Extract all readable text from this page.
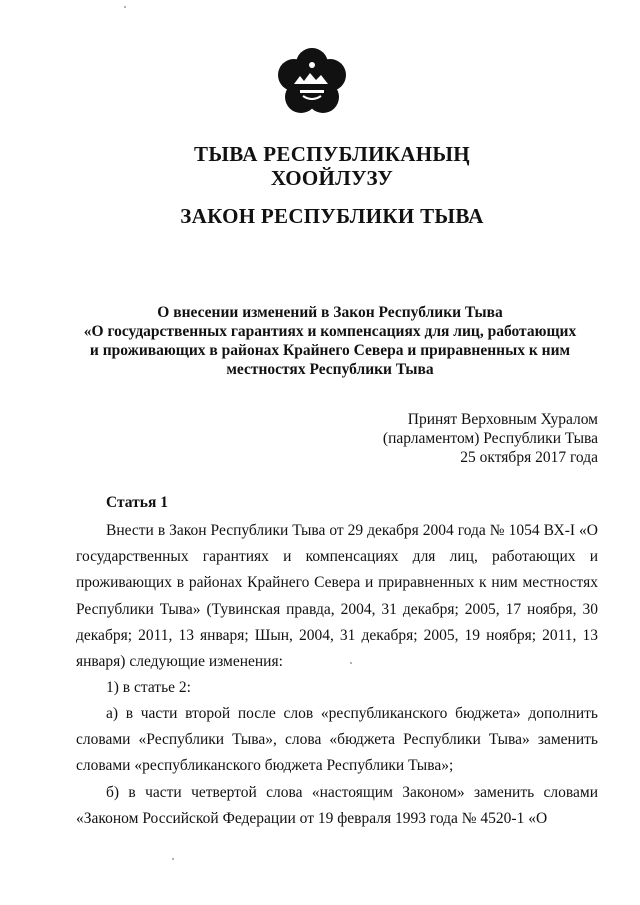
ТЫВА РЕСПУБЛИКАНЫҢ
ХООЙЛУЗУ
ЗАКОН РЕСПУБЛИКИ ТЫВА
О внесении изменений в Закон Республики Тыва
«О государственных гарантиях и компенсациях для лиц, работающих
и проживающих в районах Крайнего Севера и приравненных к ним
местностях Республики Тыва
Принят Верховным Хуралом
(парламентом) Республики Тыва
25 октября 2017 года
Статья 1

Внести в Закон Республики Тыва от 29 декабря 2004 года № 1054 ВХ-I «О государственных гарантиях и компенсациях для лиц, работающих и проживающих в районах Крайнего Севера и приравненных к ним местностях Республики Тыва» (Тувинская правда, 2004, 31 декабря; 2005, 17 ноября, 30 декабря; 2011, 13 января; Шын, 2004, 31 декабря; 2005, 19 ноября; 2011, 13 января) следующие изменения:

1) в статье 2:

а) в части второй после слов «республиканского бюджета» дополнить словами «Республики Тыва», слова «бюджета Республики Тыва» заменить словами «республиканского бюджета Республики Тыва»;

б) в части четвертой слова «настоящим Законом» заменить словами «Законом Российской Федерации от 19 февраля 1993 года № 4520-1 «О
